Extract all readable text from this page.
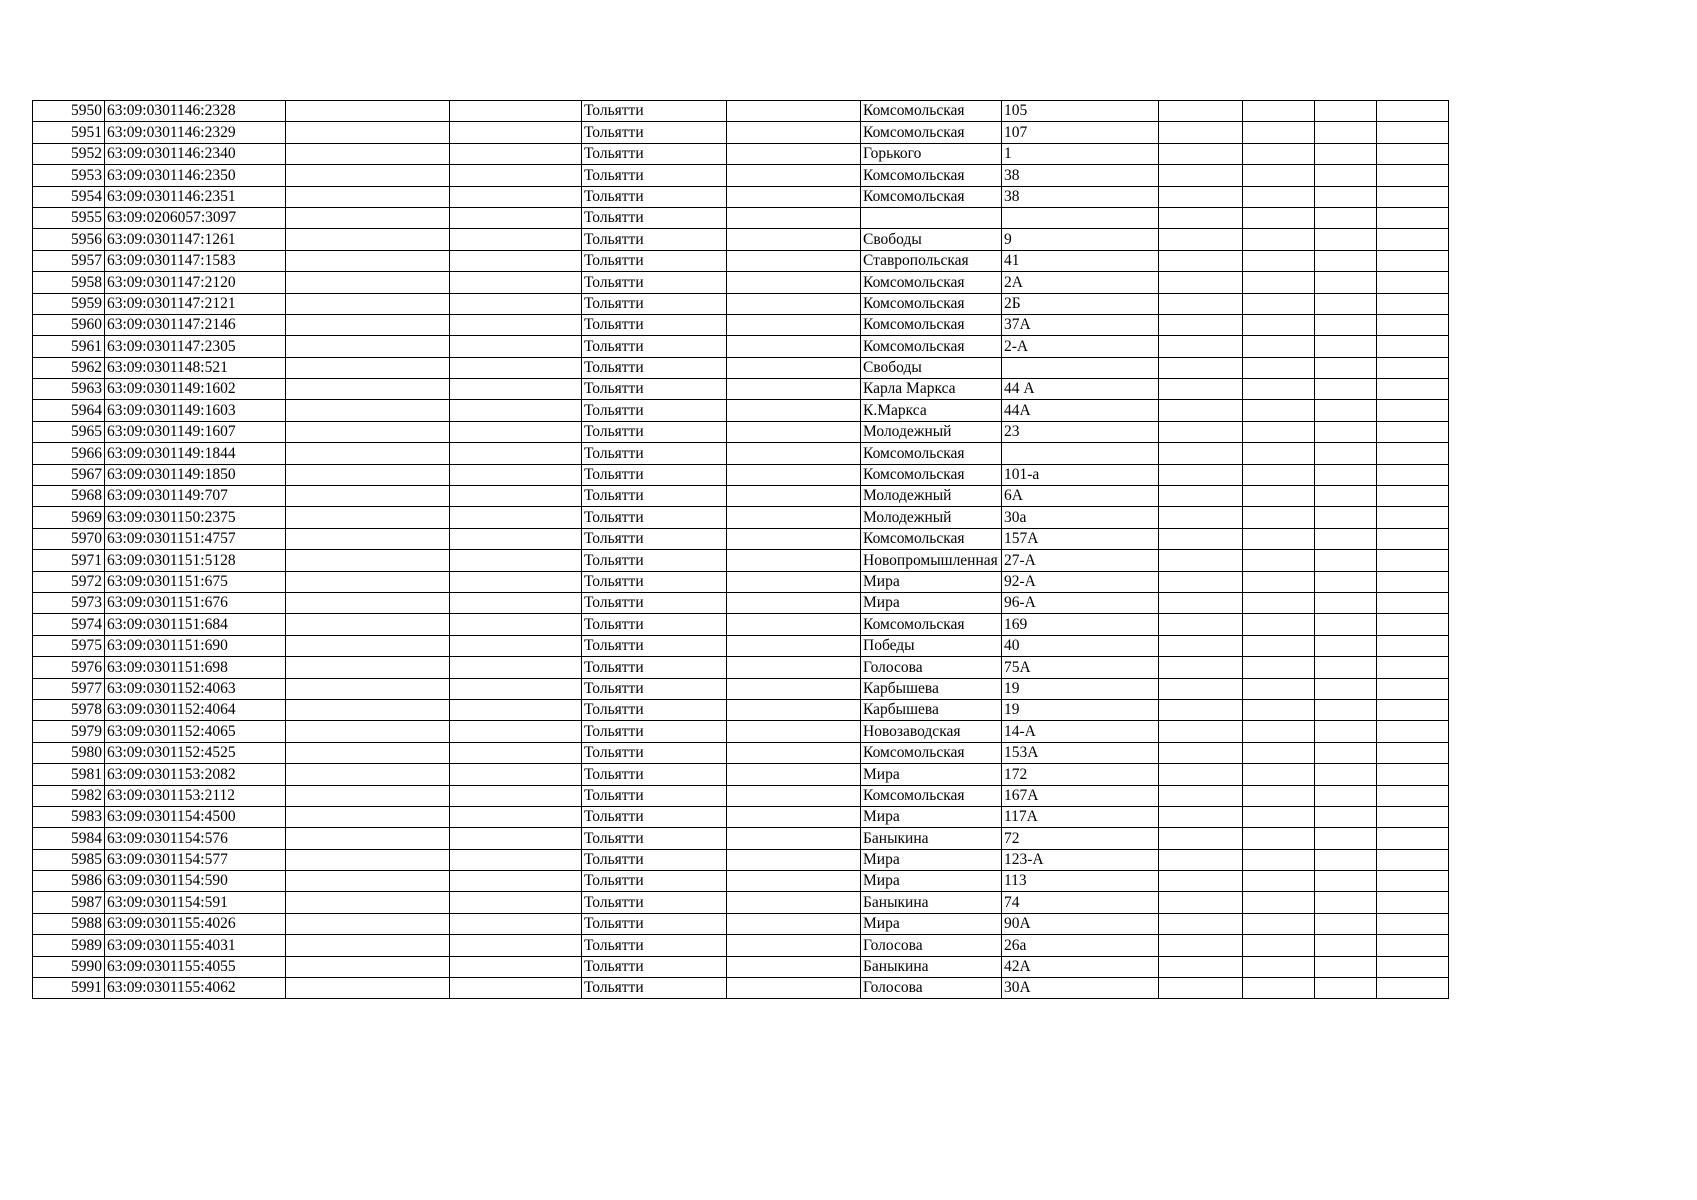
5950	63:09:0301146:2328			Тольятти		Комсомольская	105				
5951	63:09:0301146:2329			Тольятти		Комсомольская	107				
5952	63:09:0301146:2340			Тольятти		Горького	1				
5953	63:09:0301146:2350			Тольятти		Комсомольская	38				
5954	63:09:0301146:2351			Тольятти		Комсомольская	38				
5955	63:09:0206057:3097			Тольятти							
5956	63:09:0301147:1261			Тольятти		Свободы	9				
5957	63:09:0301147:1583			Тольятти		Ставропольская	41				
5958	63:09:0301147:2120			Тольятти		Комсомольская	2А				
5959	63:09:0301147:2121			Тольятти		Комсомольская	2Б				
5960	63:09:0301147:2146			Тольятти		Комсомольская	37А				
5961	63:09:0301147:2305			Тольятти		Комсомольская	2-А				
5962	63:09:0301148:521			Тольятти		Свободы					
5963	63:09:0301149:1602			Тольятти		Карла Маркса	44 А				
5964	63:09:0301149:1603			Тольятти		К.Маркса	44А				
5965	63:09:0301149:1607			Тольятти		Молодежный	23				
5966	63:09:0301149:1844			Тольятти		Комсомольская					
5967	63:09:0301149:1850			Тольятти		Комсомольская	101-а				
5968	63:09:0301149:707			Тольятти		Молодежный	6А				
5969	63:09:0301150:2375			Тольятти		Молодежный	30а				
5970	63:09:0301151:4757			Тольятти		Комсомольская	157А				
5971	63:09:0301151:5128			Тольятти		Новопромышленная	27-А				
5972	63:09:0301151:675			Тольятти		Мира	92-А				
5973	63:09:0301151:676			Тольятти		Мира	96-А				
5974	63:09:0301151:684			Тольятти		Комсомольская	169				
5975	63:09:0301151:690			Тольятти		Победы	40				
5976	63:09:0301151:698			Тольятти		Голосова	75А				
5977	63:09:0301152:4063			Тольятти		Карбышева	19				
5978	63:09:0301152:4064			Тольятти		Карбышева	19				
5979	63:09:0301152:4065			Тольятти		Новозаводская	14-А				
5980	63:09:0301152:4525			Тольятти		Комсомольская	153А				
5981	63:09:0301153:2082			Тольятти		Мира	172				
5982	63:09:0301153:2112			Тольятти		Комсомольская	167А				
5983	63:09:0301154:4500			Тольятти		Мира	117А				
5984	63:09:0301154:576			Тольятти		Баныкина	72				
5985	63:09:0301154:577			Тольятти		Мира	123-А				
5986	63:09:0301154:590			Тольятти		Мира	113				
5987	63:09:0301154:591			Тольятти		Баныкина	74				
5988	63:09:0301155:4026			Тольятти		Мира	90А				
5989	63:09:0301155:4031			Тольятти		Голосова	26а				
5990	63:09:0301155:4055			Тольятти		Баныкина	42А				
5991	63:09:0301155:4062			Тольятти		Голосова	30А				
